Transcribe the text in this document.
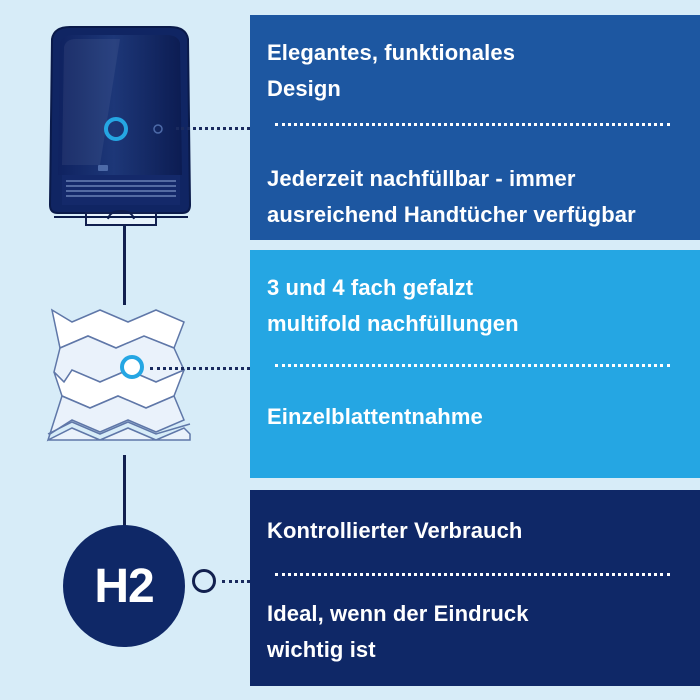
H2
Elegantes, funktionales
Design
Jederzeit nachfüllbar - immer
ausreichend Handtücher verfügbar
3 und 4 fach gefalzt
multifold nachfüllungen
Einzelblattentnahme
Kontrollierter Verbrauch
Ideal, wenn der Eindruck
wichtig ist
